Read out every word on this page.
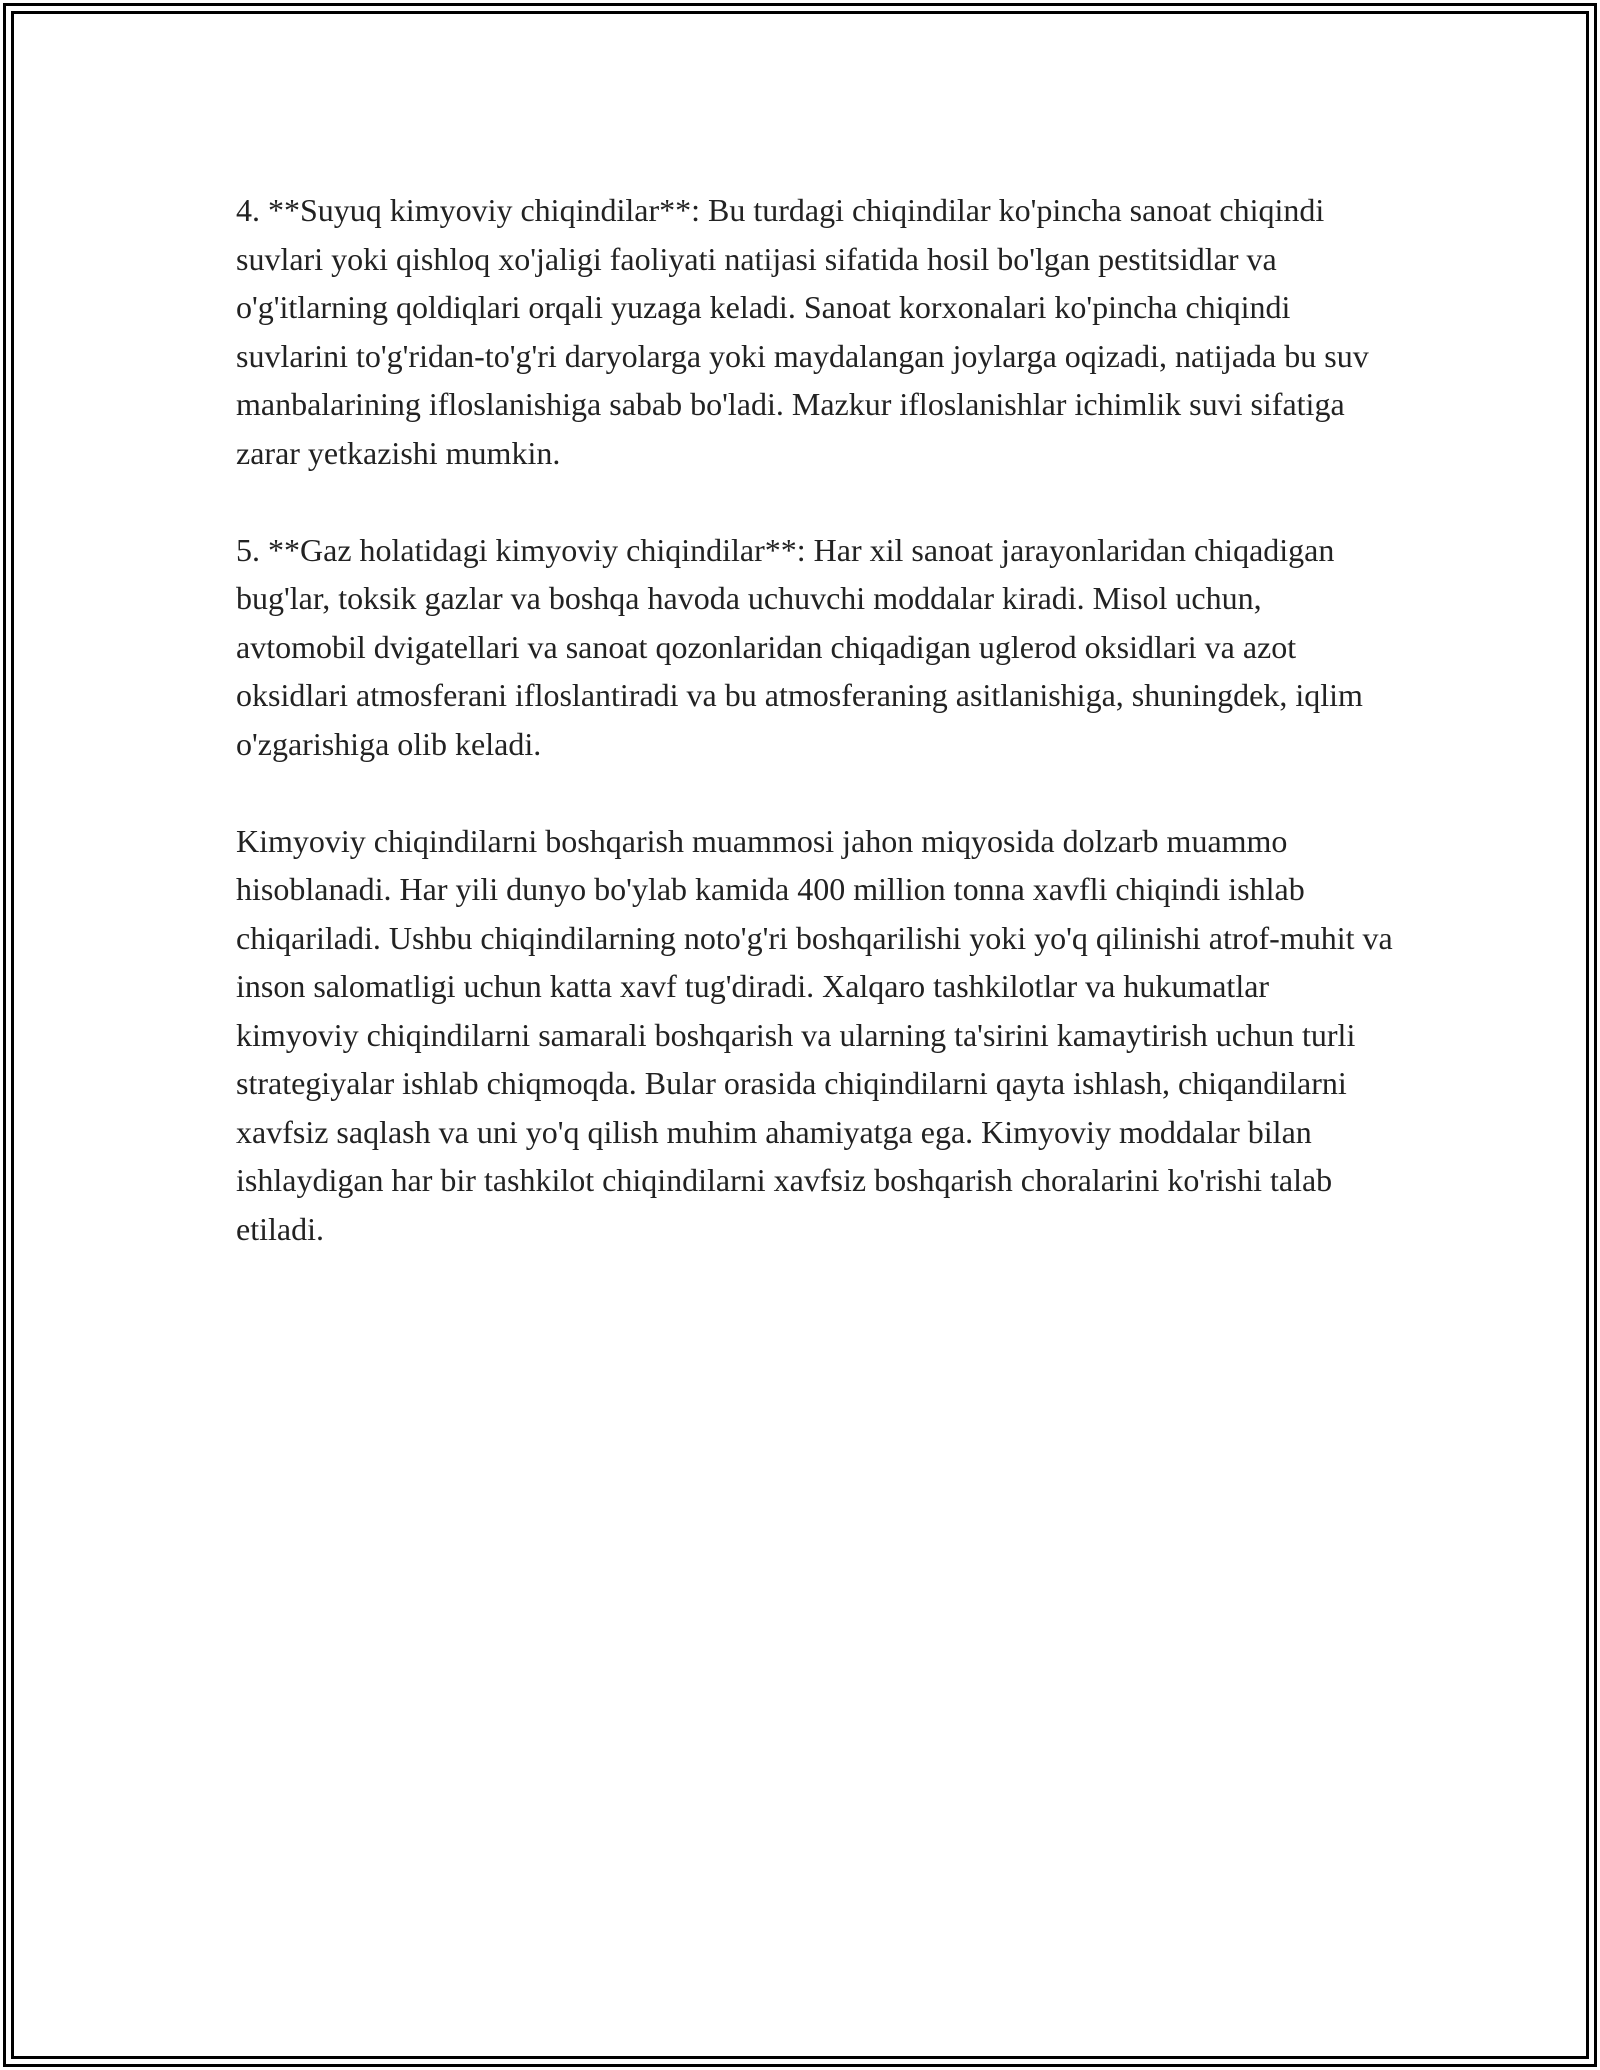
4. **Suyuq kimyoviy chiqindilar**: Bu turdagi chiqindilar ko'pincha sanoat chiqindi suvlari yoki qishloq xo'jaligi faoliyati natijasi sifatida hosil bo'lgan pestitsidlar va o'g'itlarning qoldiqlari orqali yuzaga keladi. Sanoat korxonalari ko'pincha chiqindi suvlarini to'g'ridan-to'g'ri daryolarga yoki maydalangan joylarga oqizadi, natijada bu suv manbalarining ifloslanishiga sabab bo'ladi. Mazkur ifloslanishlar ichimlik suvi sifatiga zarar yetkazishi mumkin.

5. **Gaz holatidagi kimyoviy chiqindilar**: Har xil sanoat jarayonlaridan chiqadigan bug'lar, toksik gazlar va boshqa havoda uchuvchi moddalar kiradi. Misol uchun, avtomobil dvigatellari va sanoat qozonlaridan chiqadigan uglerod oksidlari va azot oksidlari atmosferani ifloslantiradi va bu atmosferaning asitlanishiga, shuningdek, iqlim o'zgarishiga olib keladi.

Kimyoviy chiqindilarni boshqarish muammosi jahon miqyosida dolzarb muammo hisoblanadi. Har yili dunyo bo'ylab kamida 400 million tonna xavfli chiqindi ishlab chiqariladi. Ushbu chiqindilarning noto'g'ri boshqarilishi yoki yo'q qilinishi atrof-muhit va inson salomatligi uchun katta xavf tug'diradi. Xalqaro tashkilotlar va hukumatlar kimyoviy chiqindilarni samarali boshqarish va ularning ta'sirini kamaytirish uchun turli strategiyalar ishlab chiqmoqda. Bular orasida chiqindilarni qayta ishlash, chiqandilarni xavfsiz saqlash va uni yo'q qilish muhim ahamiyatga ega. Kimyoviy moddalar bilan ishlaydigan har bir tashkilot chiqindilarni xavfsiz boshqarish choralarini ko'rishi talab etiladi.
